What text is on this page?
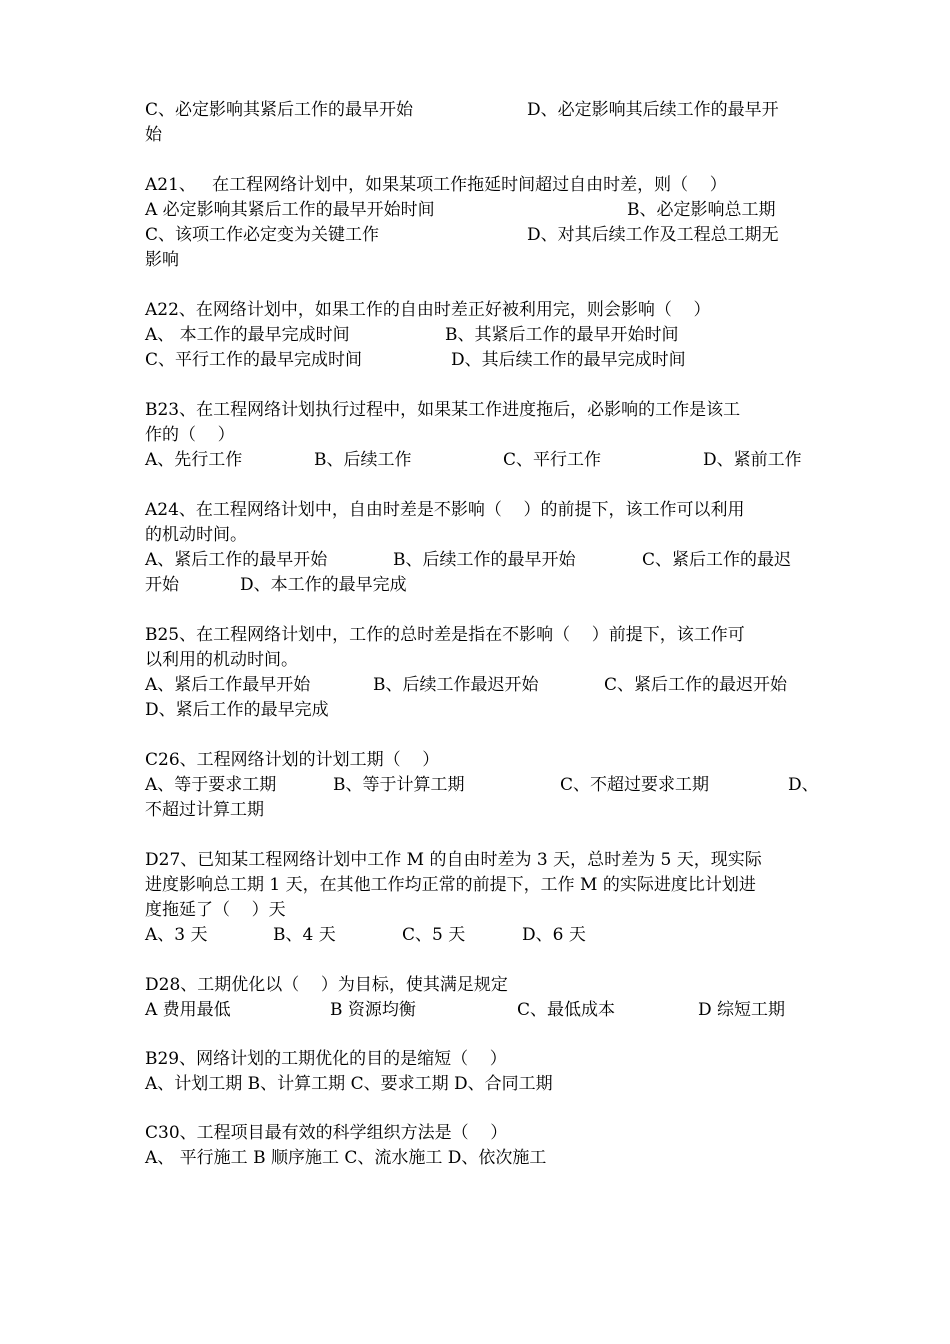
C、必定影响其紧后工作的最早开始	D、必定影响其后续工作的最早开
始
A21、   在工程网络计划中，如果某项工作拖延时间超过自由时差，则（    ）
A 必定影响其紧后工作的最早开始时间	B、必定影响总工期
C、该项工作必定变为关键工作	D、对其后续工作及工程总工期无
影响
A22、在网络计划中，如果工作的自由时差正好被利用完，则会影响（    ）
A、 本工作的最早完成时间	B、其紧后工作的最早开始时间
C、平行工作的最早完成时间	D、其后续工作的最早完成时间
B23、在工程网络计划执行过程中，如果某工作进度拖后，必影响的工作是该工
作的（    ）
A、先行工作	B、后续工作	C、平行工作	D、紧前工作
A24、在工程网络计划中，自由时差是不影响（    ）的前提下，该工作可以利用
的机动时间。
A、紧后工作的最早开始	B、后续工作的最早开始	C、紧后工作的最迟
开始	D、本工作的最早完成
B25、在工程网络计划中，工作的总时差是指在不影响（    ）前提下，该工作可
以利用的机动时间。
A、紧后工作最早开始	B、后续工作最迟开始	C、紧后工作的最迟开始
D、紧后工作的最早完成
C26、工程网络计划的计划工期（    ）
A、等于要求工期	B、等于计算工期	C、不超过要求工期	D、
不超过计算工期
D27、已知某工程网络计划中工作 M 的自由时差为 3 天，总时差为 5 天，现实际
进度影响总工期 1 天，在其他工作均正常的前提下，工作 M 的实际进度比计划进
度拖延了（    ）天
A、3 天	B、4 天	C、5 天	D、6 天
D28、工期优化以（    ）为目标，使其满足规定
A 费用最低	B 资源均衡	C、最低成本	D 综短工期
B29、网络计划的工期优化的目的是缩短（    ）
A、计划工期 B、计算工期 C、要求工期 D、合同工期
C30、工程项目最有效的科学组织方法是（    ）
A、 平行施工 B 顺序施工 C、流水施工 D、依次施工
